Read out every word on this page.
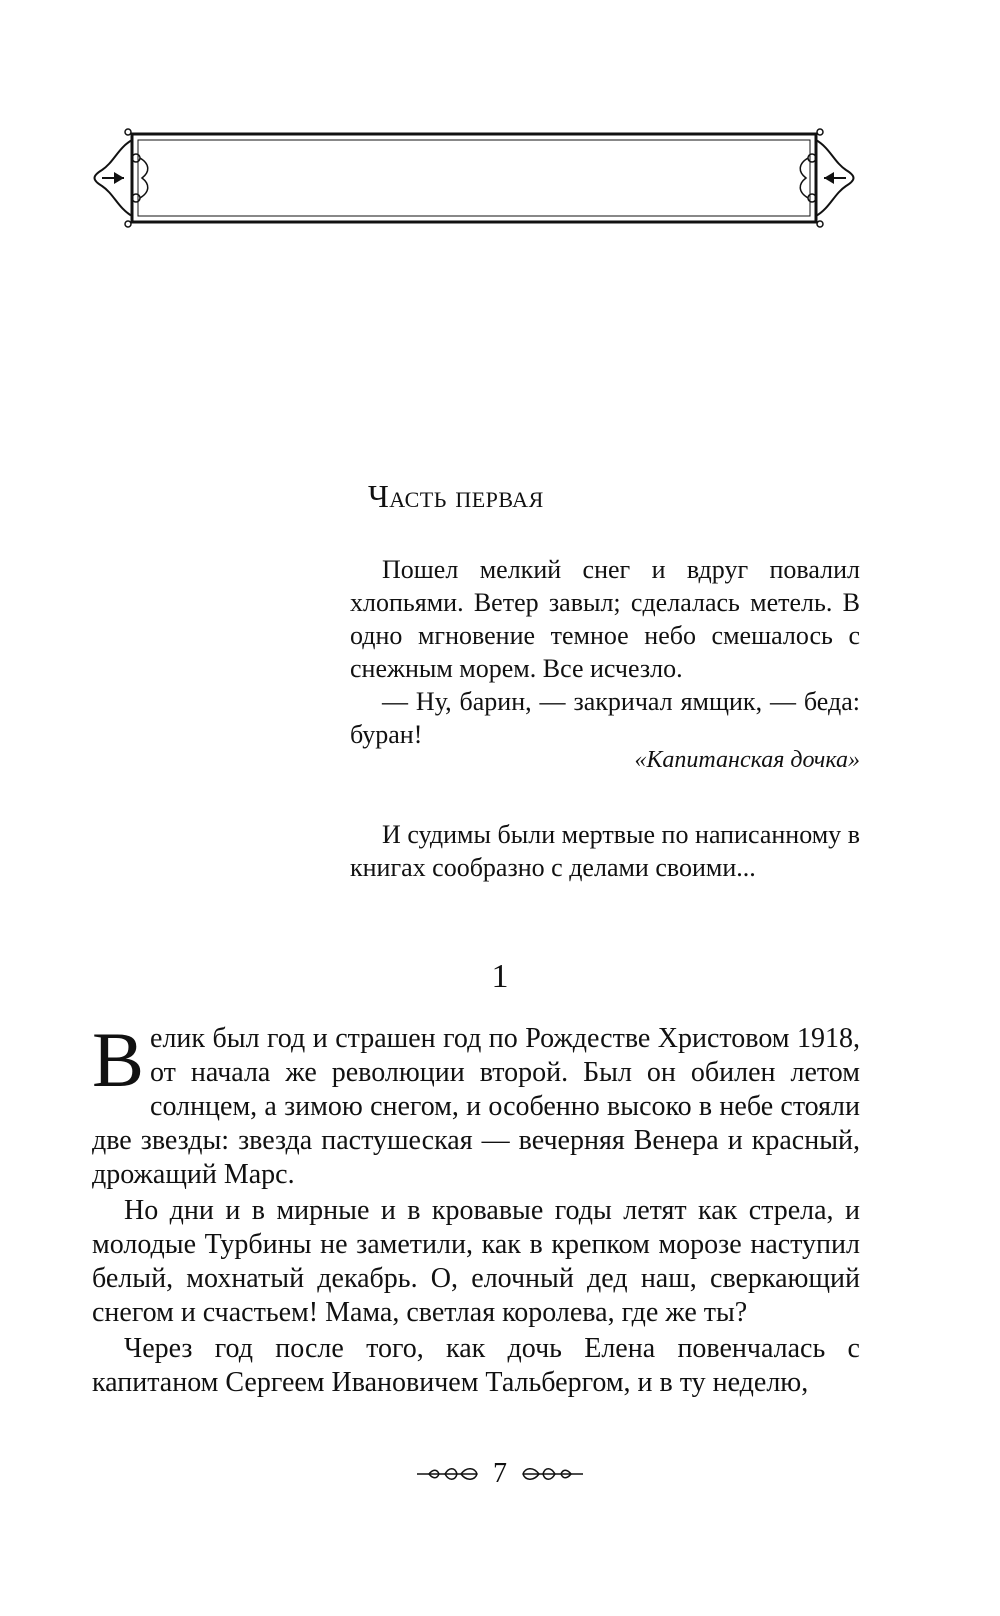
Часть первая

Пошел мелкий снег и вдруг повалил хлопьями. Ветер завыл; сделалась метель. В одно мгновение темное небо смешалось с снежным морем. Все исчезло.

— Ну, барин, — закричал ямщик, — беда: буран!

«Капитанская дочка»

И судимы были мертвые по написанному в книгах сообразно с делами своими...

1

Велик был год и страшен год по Рождестве Христовом 1918, от начала же революции второй. Был он обилен летом солнцем, а зимою снегом, и особенно высоко в небе стояли две звезды: звезда пастушеская — вечерняя Венера и красный, дрожащий Марс.

Но дни и в мирные и в кровавые годы летят как стрела, и молодые Турбины не заметили, как в крепком морозе наступил белый, мохнатый декабрь. О, елочный дед наш, сверкающий снегом и счастьем! Мама, светлая королева, где же ты?

Через год после того, как дочь Елена повенчалась с капитаном Сергеем Ивановичем Тальбергом, и в ту неделю,

7
